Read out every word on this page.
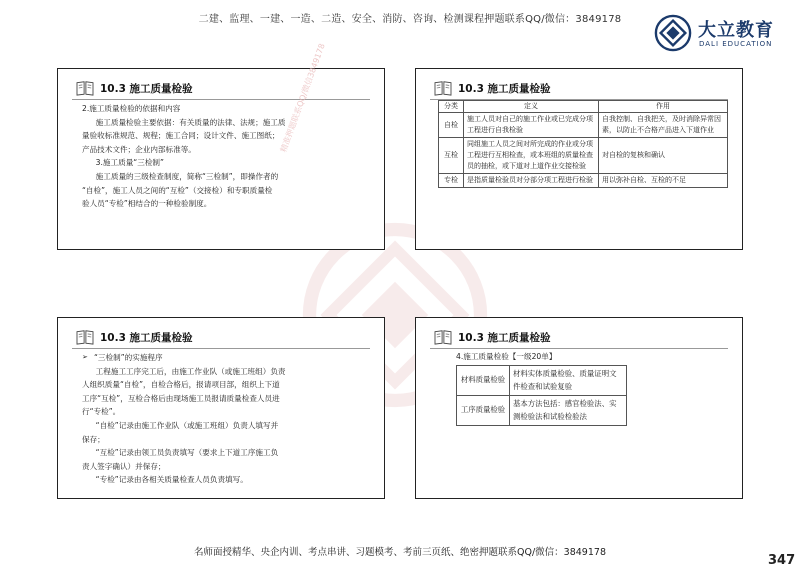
二建、监理、一建、一造、二造、安全、消防、咨询、检测课程押题联系QQ/微信：3849178
大立教育
DALI EDUCATION
10.3 施工质量检验

2.施工质量检验的依据和内容

施工质量检验主要依据：有关质量的法律、法规；施工质

量验收标准规范、规程；施工合同；设计文件、施工图纸；

产品技术文件；企业内部标准等。

3.施工质量“三检制”

施工质量的三级检查制度，简称“三检制”，即操作者的

“自检”，施工人员之间的“互检”（交接检）和专职质量检

验人员“专检”相结合的一种检验制度。

10.3 施工质量检验
分类	定义	作用
自检	施工人员对自己的施工作业或已完成分项工程进行自我检验	自我控制、自我把关，及时消除异常因素，以防止不合格产品进入下道作业
互检	同组施工人员之间对所完成的作业或分项工程进行互相检查，或本班组的质量检查员的抽检，或下道对上道作业交接检验	对自检的复核和确认
专检	是指质量检验员对分部分项工程进行检验	用以弥补自检、互检的不足
10.3 施工质量检验
➢ “三检制”的实施程序

工程施工工序完工后，由施工作业队（或施工班组）负责

人组织质量“自检”，自检合格后，报请项目部，组织上下道

工序“互检”，互检合格后由现场施工员报请质量检查人员进

行“专检”。

“自检”记录由施工作业队（或施工班组）负责人填写并

保存；

“互检”记录由领工员负责填写（要求上下道工序施工负

责人签字确认）并保存；

“专检”记录由各相关质量检查人员负责填写。

10.3 施工质量检验
4.施工质量检验【一级20单】
材料质量检验	材料实体质量检验、质量证明文件检查和试验复验
工序质量检验	基本方法包括：感官检验法、实测检验法和试验检验法
精准押题联系QQ/微信3849178
名师面授精华、央企内训、考点串讲、习题模考、考前三页纸、绝密押题联系QQ/微信：3849178
347
